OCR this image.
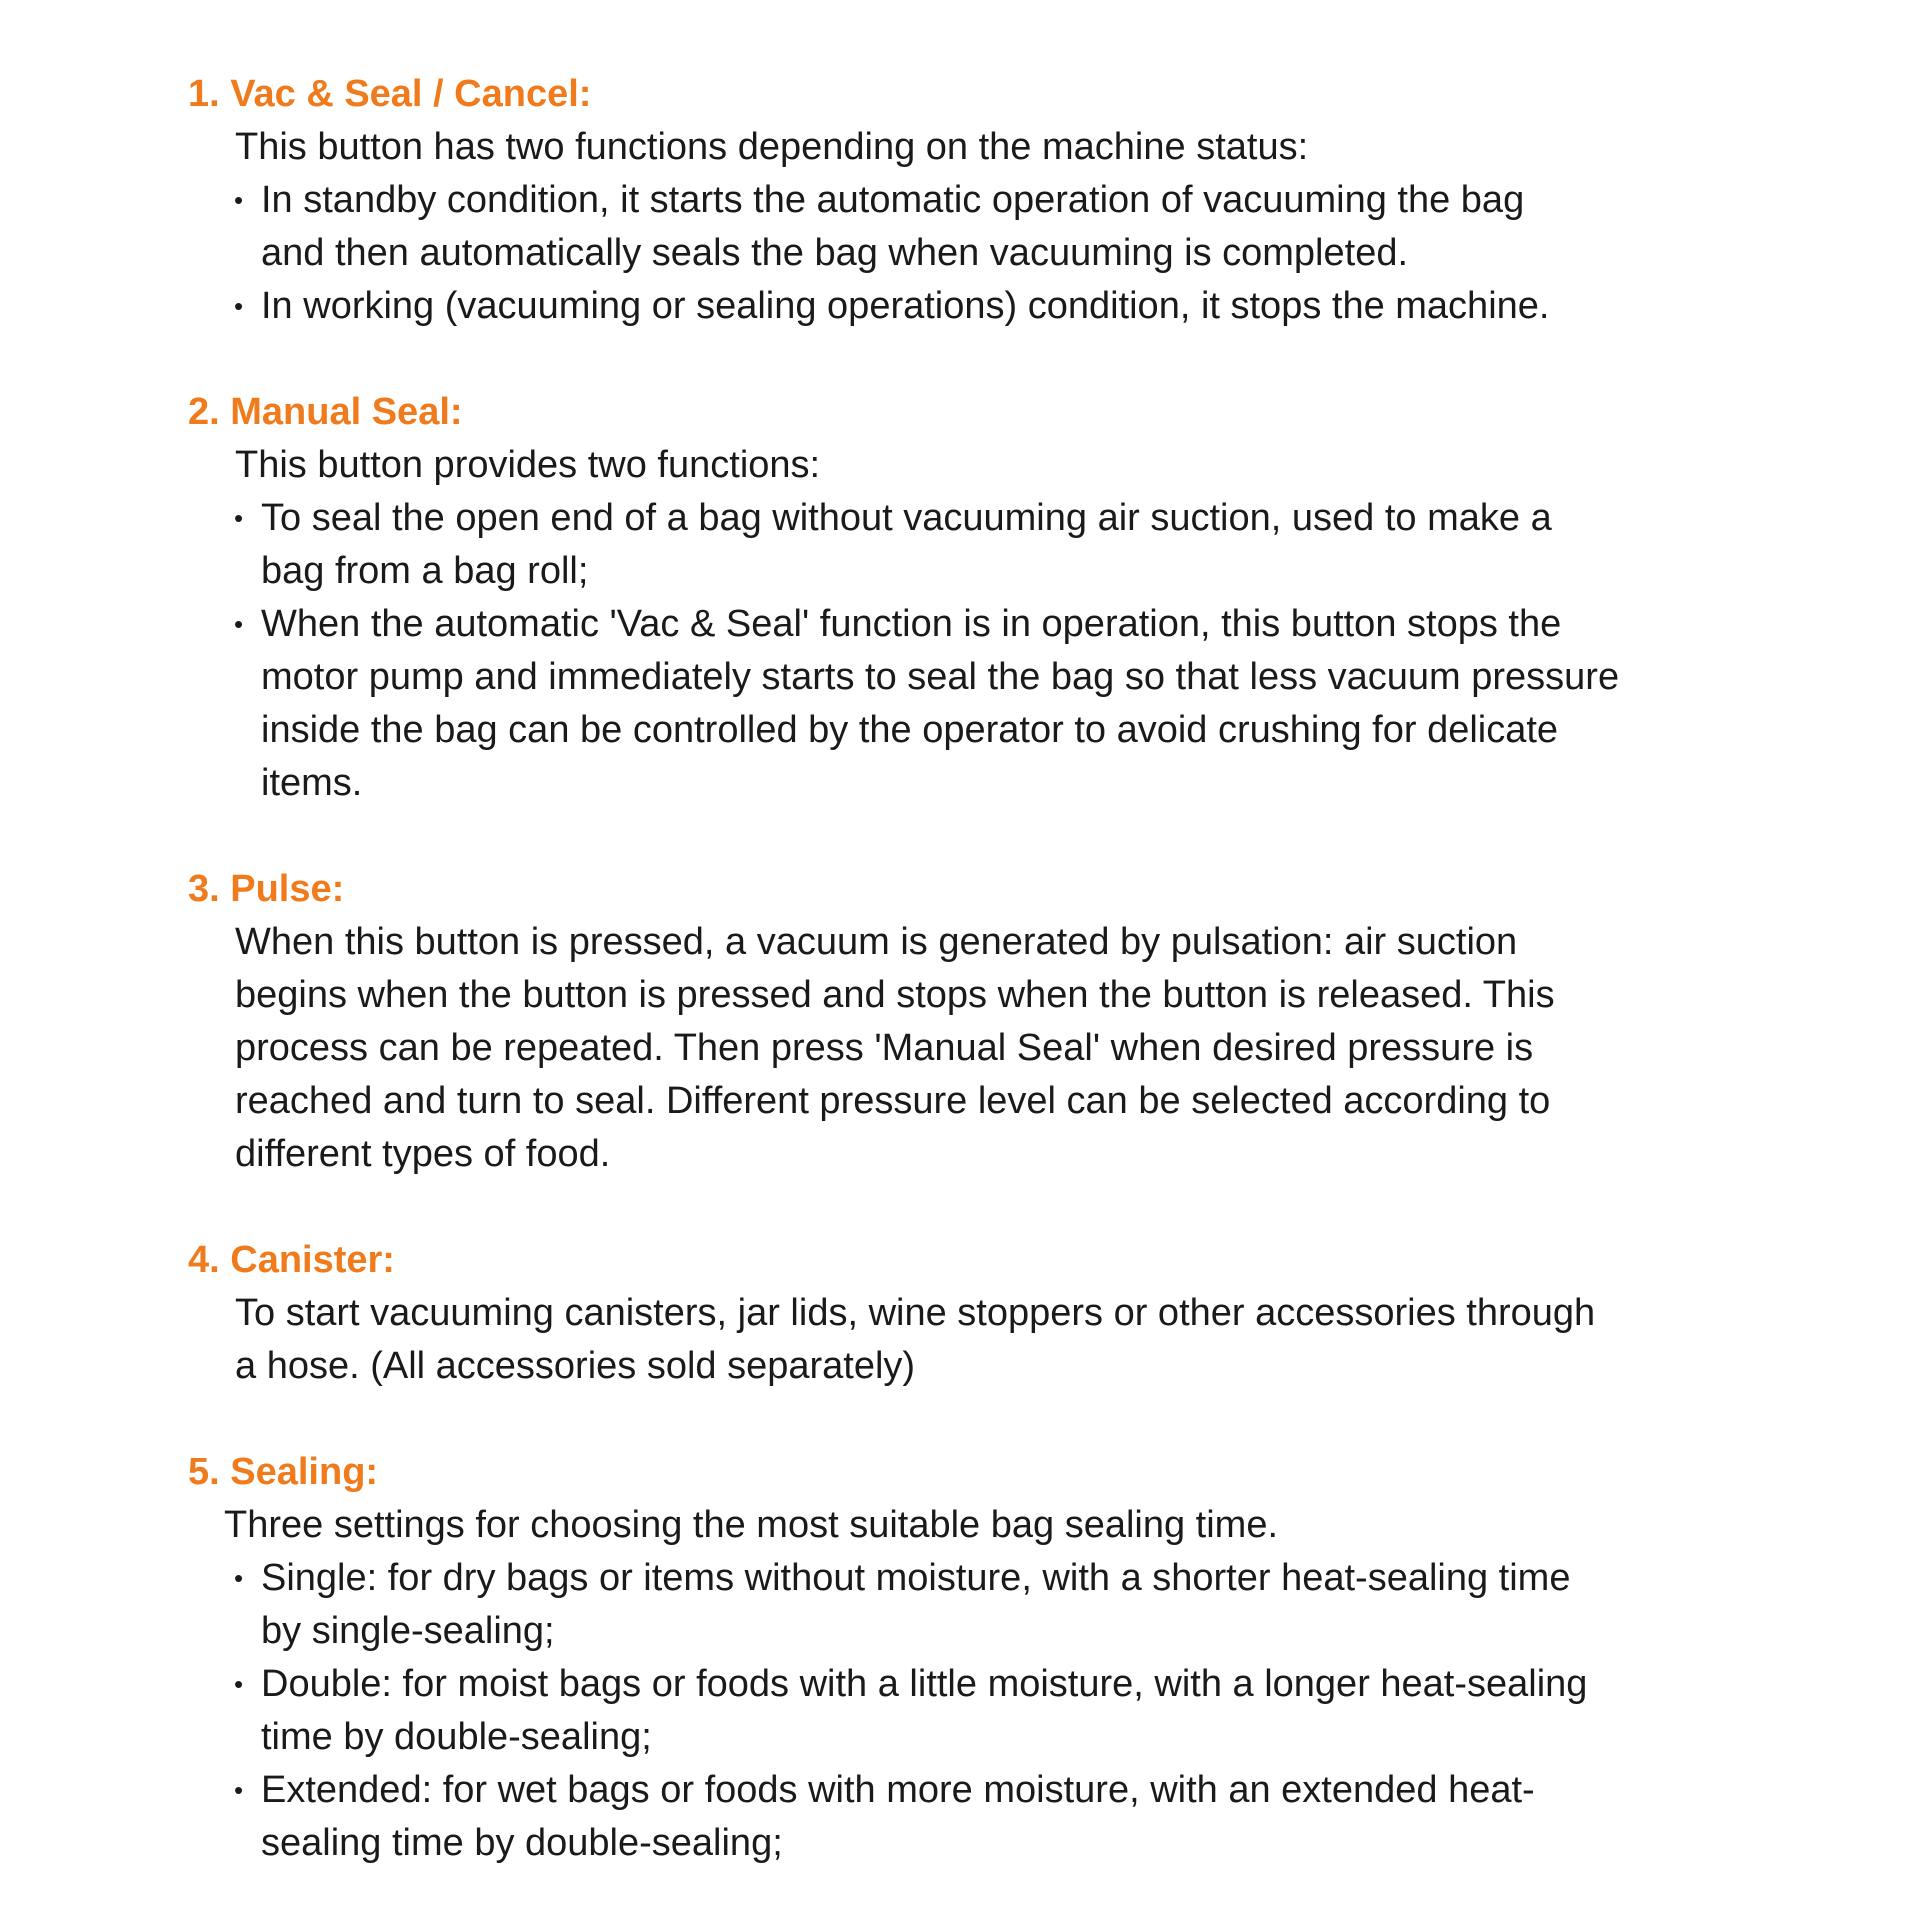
1. Vac & Seal / Cancel:
This button has two functions depending on the machine status:
• In standby condition, it starts the automatic operation of vacuuming the bag
and then automatically seals the bag when vacuuming is completed.
• In working (vacuuming or sealing operations) condition, it stops the machine.
2. Manual Seal:
This button provides two functions:
• To seal the open end of a bag without vacuuming air suction, used to make a
bag from a bag roll;
• When the automatic 'Vac & Seal' function is in operation, this button stops the
motor pump and immediately starts to seal the bag so that less vacuum pressure
inside the bag can be controlled by the operator to avoid crushing for delicate
items.
3. Pulse:
When this button is pressed, a vacuum is generated by pulsation: air suction
begins when the button is pressed and stops when the button is released. This
process can be repeated. Then press 'Manual Seal' when desired pressure is
reached and turn to seal. Different pressure level can be selected according to
different types of food.
4. Canister:
To start vacuuming canisters, jar lids, wine stoppers or other accessories through
a hose. (All accessories sold separately)
5. Sealing:
Three settings for choosing the most suitable bag sealing time.
• Single: for dry bags or items without moisture, with a shorter heat-sealing time
by single-sealing;
• Double: for moist bags or foods with a little moisture, with a longer heat-sealing
time by double-sealing;
• Extended: for wet bags or foods with more moisture, with an extended heat-
sealing time by double-sealing;
